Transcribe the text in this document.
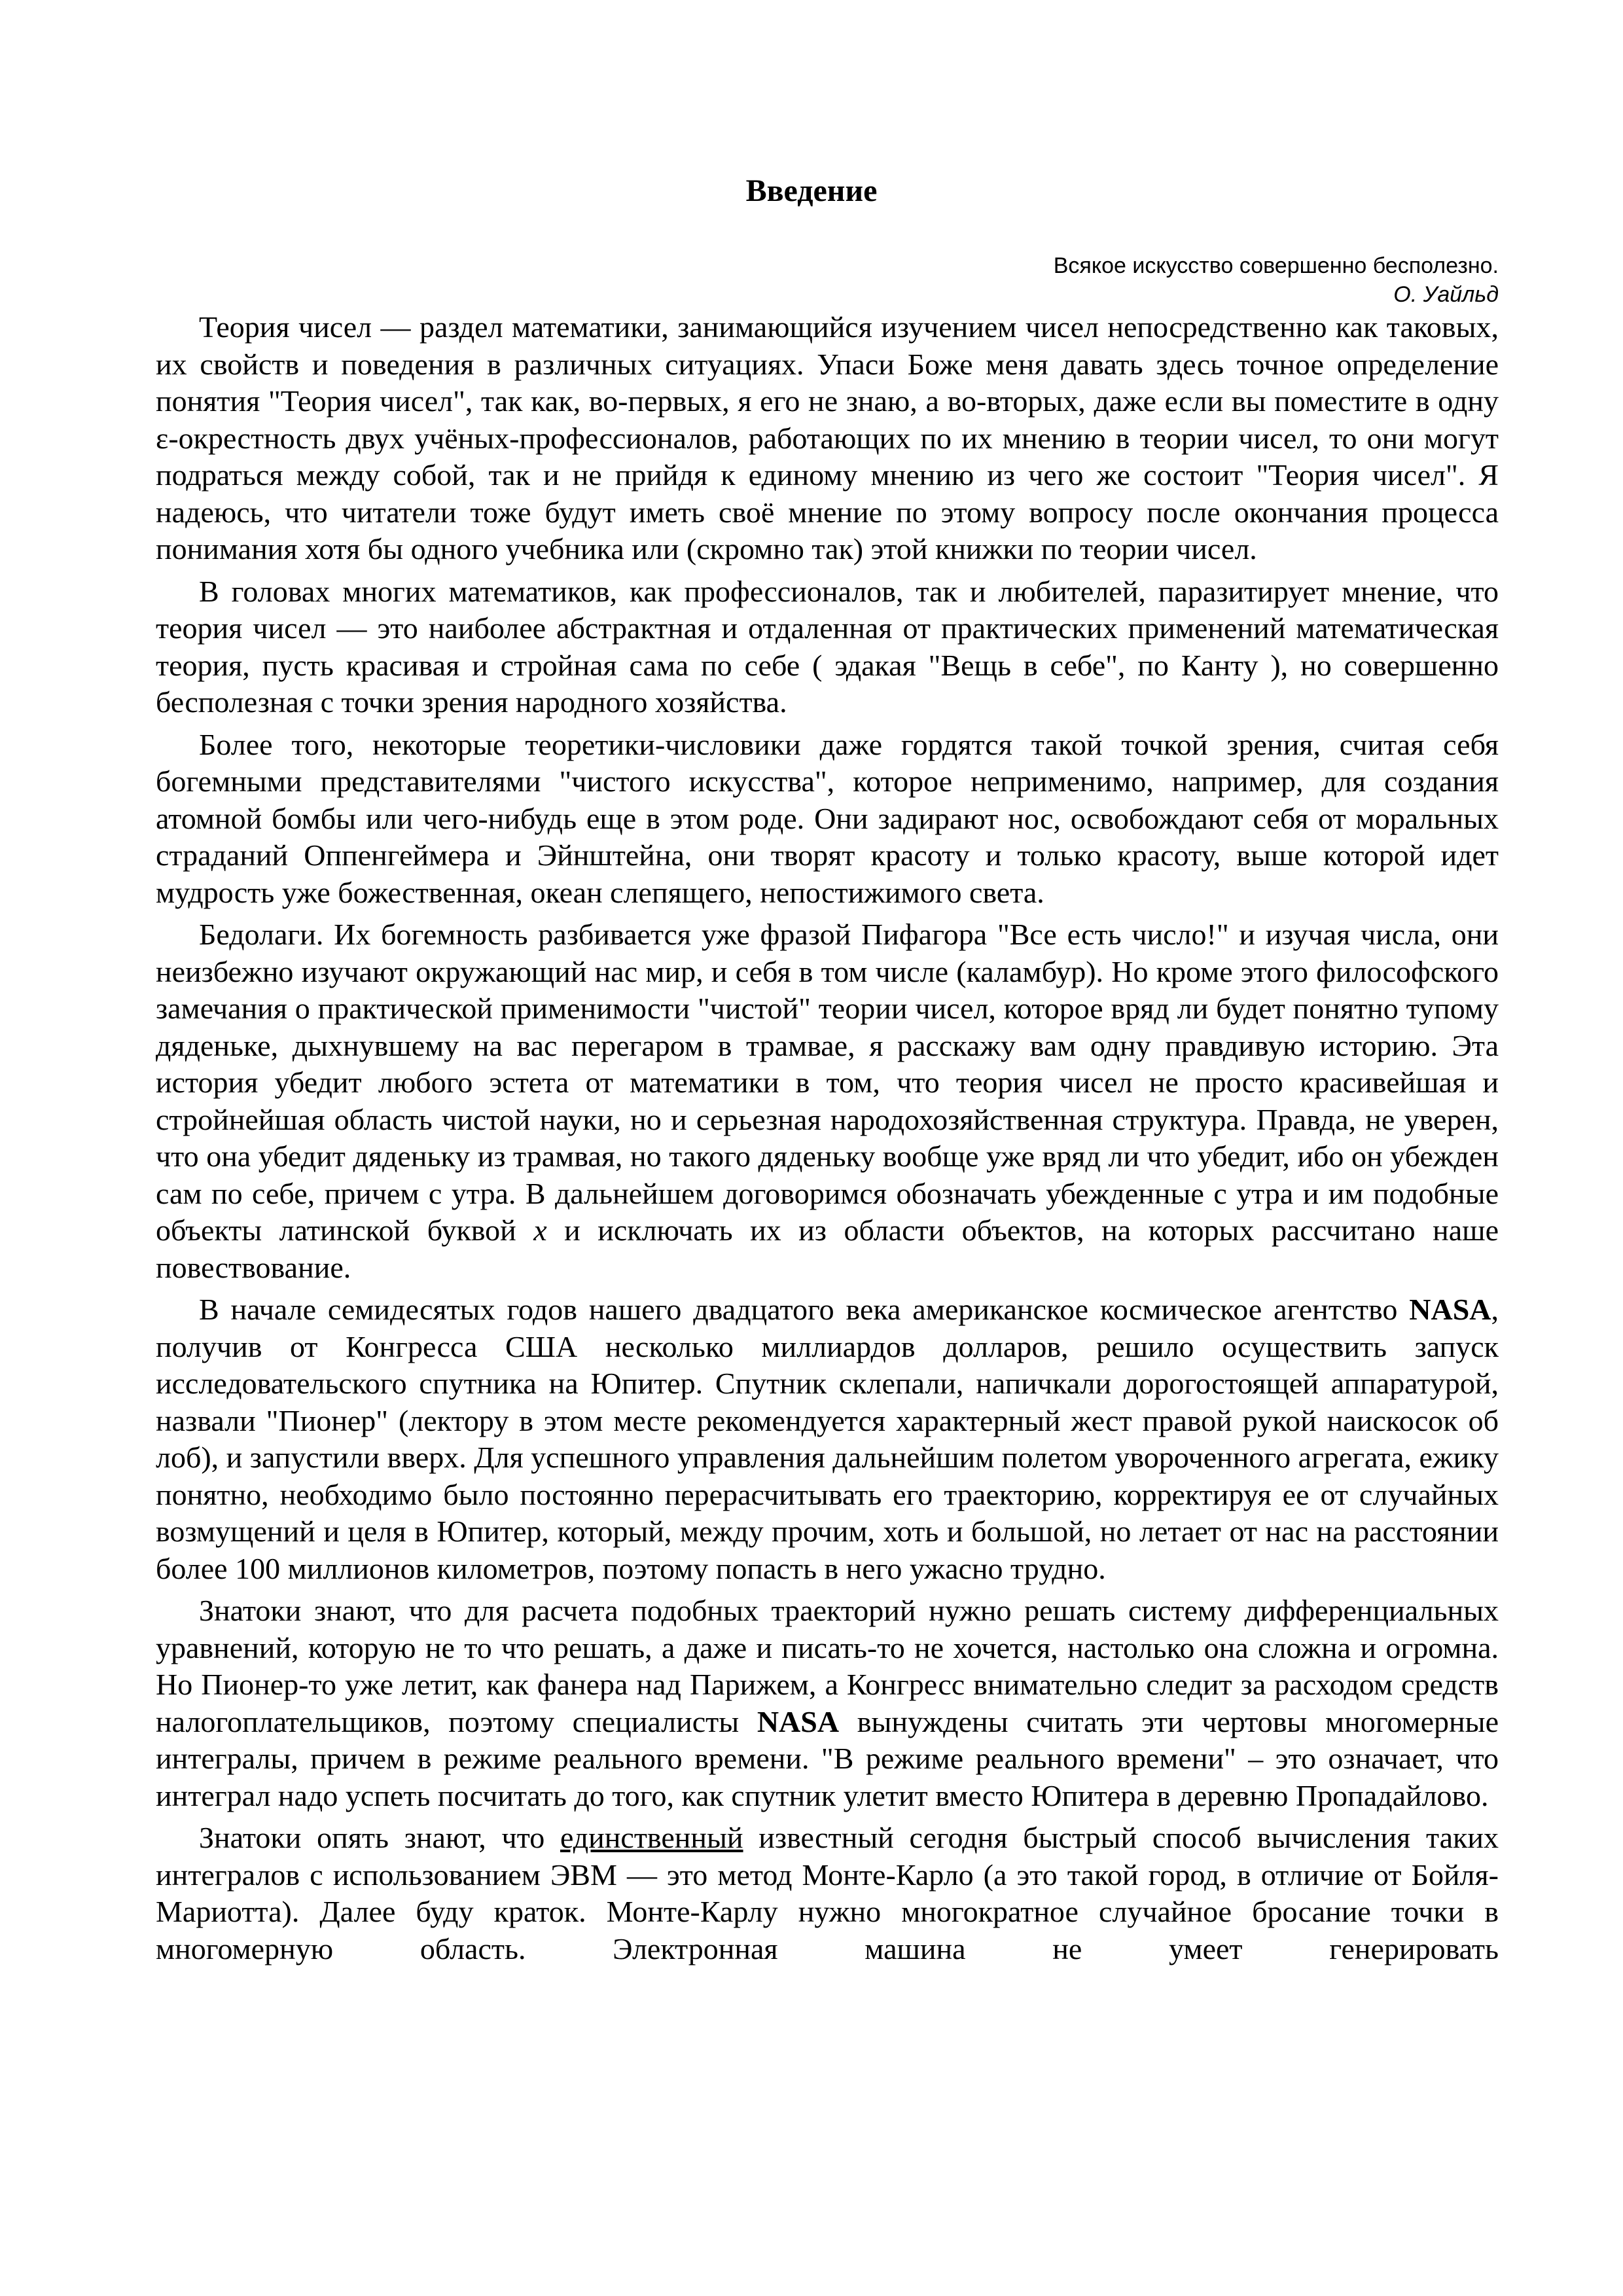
Введение
Всякое искусство совершенно бесполезно.
О. Уайльд

Теория чисел — раздел математики, занимающийся изучением чисел непосредственно как таковых, их свойств и поведения в различных ситуациях. Упаси Боже меня давать здесь точное определение понятия "Теория чисел", так как, во-первых, я его не знаю, а во-вторых, даже если вы поместите в одну ε-окрестность двух учёных-профессионалов, работающих по их мнению в теории чисел, то они могут подраться между собой, так и не прийдя к единому мнению из чего же состоит "Теория чисел". Я надеюсь, что читатели тоже будут иметь своё мнение по этому вопросу после окончания процесса понимания хотя бы одного учебника или (скромно так) этой книжки по теории чисел.

В головах многих математиков, как профессионалов, так и любителей, паразитирует мнение, что теория чисел — это наиболее абстрактная и отдаленная от практических применений математическая теория, пусть красивая и стройная сама по себе ( эдакая "Вещь в себе", по Канту ), но совершенно бесполезная с точки зрения народного хозяйства.

Более того, некоторые теоретики-числовики даже гордятся такой точкой зрения, считая себя богемными представителями "чистого искусства", которое неприменимо, например, для создания атомной бомбы или чего-нибудь еще в этом роде. Они задирают нос, освобождают себя от моральных страданий Оппенгеймера и Эйнштейна, они творят красоту и только красоту, выше которой идет мудрость уже божественная, океан слепящего, непостижимого света.

Бедолаги. Их богемность разбивается уже фразой Пифагора "Все есть число!" и изучая числа, они неизбежно изучают окружающий нас мир, и себя в том числе (каламбур). Но кроме этого философского замечания о практической применимости "чистой" теории чисел, которое вряд ли будет понятно тупому дяденьке, дыхнувшему на вас перегаром в трамвае, я расскажу вам одну правдивую историю. Эта история убедит любого эстета от математики в том, что теория чисел не просто красивейшая и стройнейшая область чистой науки, но и серьезная народохозяйственная структура. Правда, не уверен, что она убедит дяденьку из трамвая, но такого дяденьку вообще уже вряд ли что убедит, ибо он убежден сам по себе, причем с утра. В дальнейшем договоримся обозначать убежденные с утра и им подобные объекты латинской буквой x и исключать их из области объектов, на которых рассчитано наше повествование.

В начале семидесятых годов нашего двадцатого века американское космическое агентство NASA, получив от Конгресса США несколько миллиардов долларов, решило осуществить запуск исследовательского спутника на Юпитер. Спутник склепали, напичкали дорогостоящей аппаратурой, назвали "Пионер" (лектору в этом месте рекомендуется характерный жест правой рукой наискосок об лоб), и запустили вверх. Для успешного управления дальнейшим полетом увороченного агрегата, ежику понятно, необходимо было постоянно перерасчитывать его траекторию, корректируя ее от случайных возмущений и целя в Юпитер, который, между прочим, хоть и большой, но летает от нас на расстоянии более 100 миллионов километров, поэтому попасть в него ужасно трудно.

Знатоки знают, что для расчета подобных траекторий нужно решать систему дифференциальных уравнений, которую не то что решать, а даже и писать-то не хочется, настолько она сложна и огромна. Но Пионер-то уже летит, как фанера над Парижем, а Конгресс внимательно следит за расходом средств налогоплательщиков, поэтому специалисты NASA вынуждены считать эти чертовы многомерные интегралы, причем в режиме реального времени. "В режиме реального времени" – это означает, что интеграл надо успеть посчитать до того, как спутник улетит вместо Юпитера в деревню Пропадайлово.

Знатоки опять знают, что единственный известный сегодня быстрый способ вычисления таких интегралов с использованием ЭВМ — это метод Монте-Карло (а это такой город, в отличие от Бойля-Мариотта). Далее буду краток. Монте-Карлу нужно многократное случайное бросание точки в многомерную область. Электронная машина не умеет генерировать
